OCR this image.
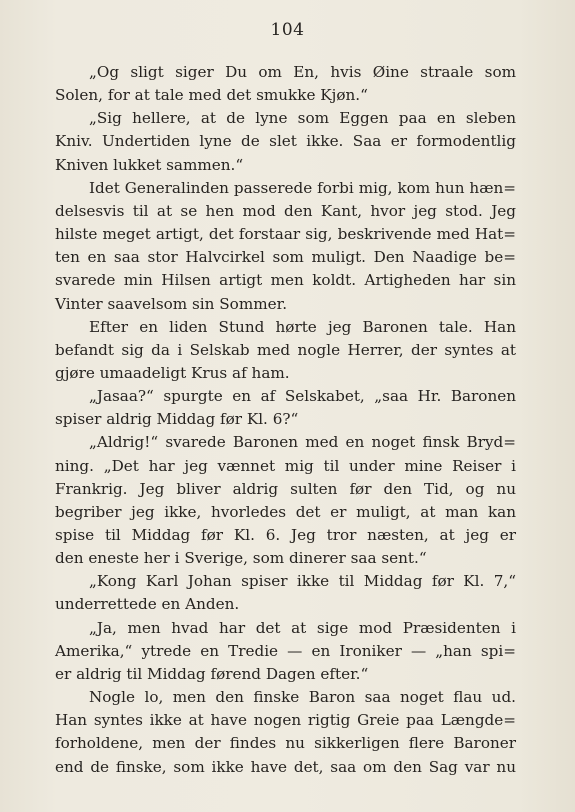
104
„Og sligt siger Du om En, hvis Øine straale som
Solen, for at tale med det smukke Kjøn.“
„Sig hellere, at de lyne som Eggen paa en sleben
Kniv. Undertiden lyne de slet ikke. Saa er formodentlig
Kniven lukket sammen.“
Idet Generalinden passerede forbi mig, kom hun hæn=
delsesvis til at se hen mod den Kant, hvor jeg stod. Jeg
hilste meget artigt, det forstaar sig, beskrivende med Hat=
ten en saa stor Halvcirkel som muligt. Den Naadige be=
svarede min Hilsen artigt men koldt. Artigheden har sin
Vinter saavelsom sin Sommer.
Efter en liden Stund hørte jeg Baronen tale. Han
befandt sig da i Selskab med nogle Herrer, der syntes at
gjøre umaadeligt Krus af ham.
„Jasaa?“ spurgte en af Selskabet, „saa Hr. Baronen
spiser aldrig Middag før Kl. 6?“
„Aldrig!“ svarede Baronen med en noget finsk Bryd=
ning. „Det har jeg vænnet mig til under mine Reiser i
Frankrig. Jeg bliver aldrig sulten før den Tid, og nu
begriber jeg ikke, hvorledes det er muligt, at man kan
spise til Middag før Kl. 6. Jeg tror næsten, at jeg er
den eneste her i Sverige, som dinerer saa sent.“
„Kong Karl Johan spiser ikke til Middag før Kl. 7,“
underrettede en Anden.
„Ja, men hvad har det at sige mod Præsidenten i
Amerika,“ ytrede en Tredie — en Ironiker — „han spi=
er aldrig til Middag førend Dagen efter.“
Nogle lo, men den finske Baron saa noget flau ud.
Han syntes ikke at have nogen rigtig Greie paa Længde=
forholdene, men der findes nu sikkerligen flere Baroner
end de finske, som ikke have det, saa om den Sag var nu
